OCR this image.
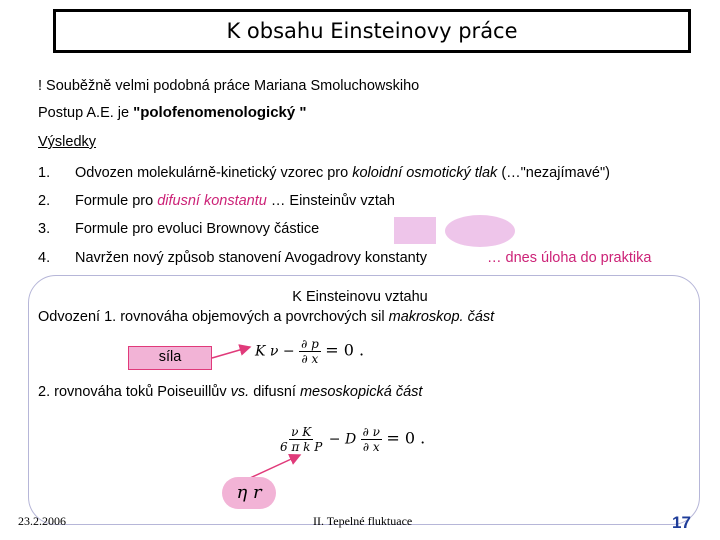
K obsahu Einsteinovy práce
! Souběžně velmi podobná práce Mariana Smoluchowskiho
Postup A.E. je "polofenomenologický "
Výsledky
1. Odvozen molekulárně-kinetický vzorec pro koloidní osmotický tlak (…"nezajímavé")
2. Formule pro difusní konstantu … Einsteinův vztah
3. Formule pro evoluci Brownovy částice
4. Navržen nový způsob stanovení Avogadrovy konstanty	… dnes úloha do praktika
K Einsteinovu vztahu
Odvození 1. rovnováha objemových a povrchových sil makroskop. část
síla	K $\nu - \frac{\partial p}{\partial x} = 0$ .
2. rovnováha toků Poiseuillův vs. difusní mesoskopická část
$\frac{\text{ν K}}{\text{6 π k P}} - D \frac{\partial \nu}{\partial x} = 0$ .
η r
23.2.2006	II. Tepelné fluktuace	17
